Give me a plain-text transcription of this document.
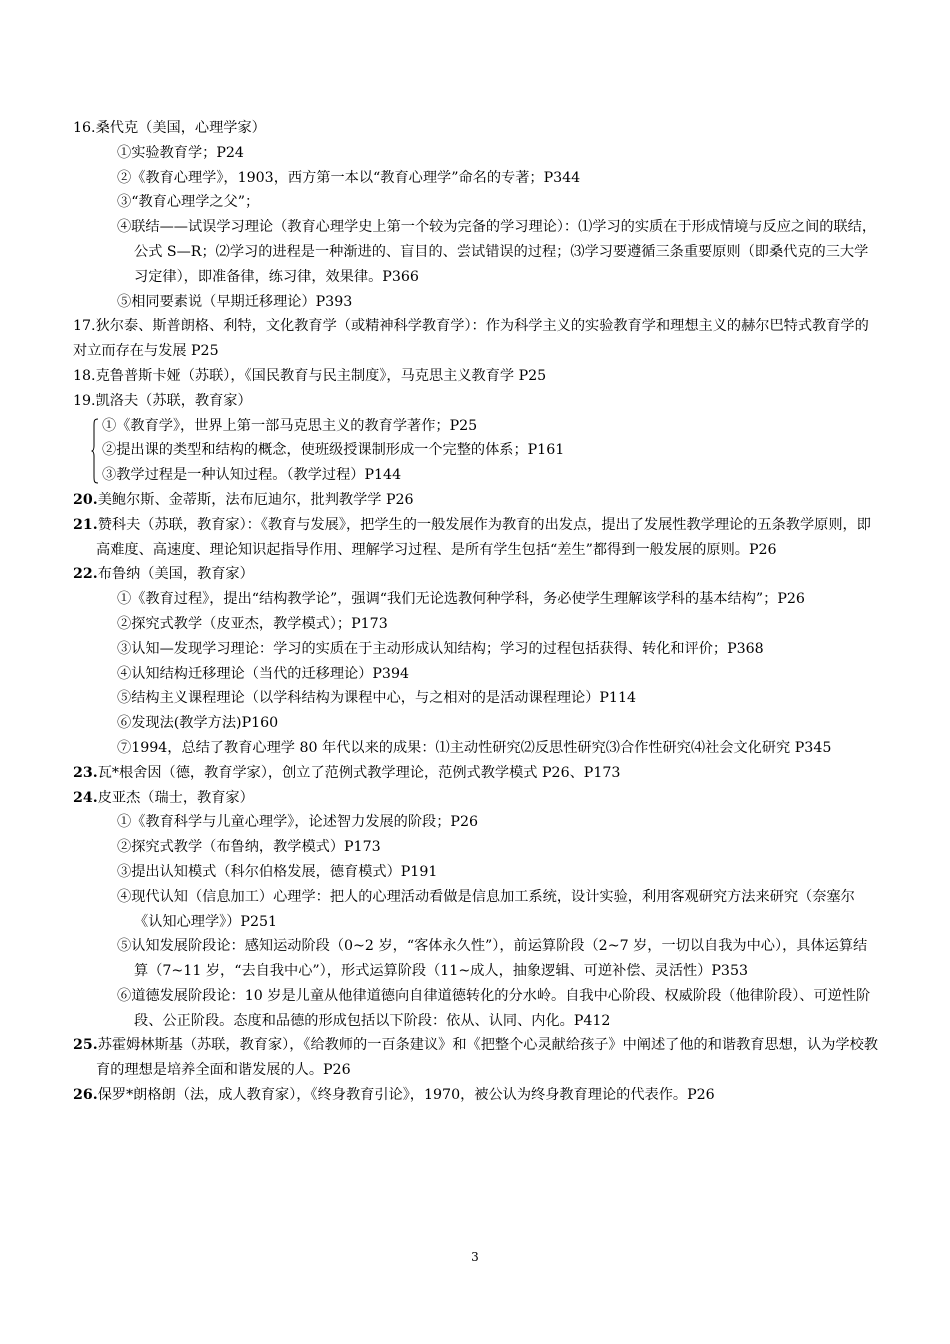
16.桑代克（美国，心理学家）

①实验教育学；P24

②《教育心理学》，1903，西方第一本以“教育心理学”命名的专著；P344

③“教育心理学之父”；

④联结——试误学习理论（教育心理学史上第一个较为完备的学习理论）：⑴学习的实质在于形成情境与反应之间的联结，公式 S—R；⑵学习的进程是一种渐进的、盲目的、尝试错误的过程；⑶学习要遵循三条重要原则（即桑代克的三大学习定律），即准备律，练习律，效果律。P366

⑤相同要素说（早期迁移理论）P393

17.狄尔泰、斯普朗格、利特，文化教育学（或精神科学教育学）：作为科学主义的实验教育学和理想主义的赫尔巴特式教育学的对立而存在与发展 P25
18.克鲁普斯卡娅（苏联），《国民教育与民主制度》，马克思主义教育学 P25
19.凯洛夫（苏联，教育家）

①《教育学》，世界上第一部马克思主义的教育学著作；P25

②提出课的类型和结构的概念，使班级授课制形成一个完整的体系；P161

③教学过程是一种认知过程。（教学过程）P144

20.美鲍尔斯、金蒂斯，法布厄迪尔，批判教学学 P26
21.赞科夫（苏联，教育家）：《教育与发展》，把学生的一般发展作为教育的出发点，提出了发展性教学理论的五条教学原则，即高难度、高速度、理论知识起指导作用、理解学习过程、是所有学生包括“差生”都得到一般发展的原则。P26
22.布鲁纳（美国，教育家）

①《教育过程》，提出“结构教学论”，强调“我们无论选教何种学科，务必使学生理解该学科的基本结构”；P26

②探究式教学（皮亚杰，教学模式）；P173

③认知—发现学习理论：学习的实质在于主动形成认知结构；学习的过程包括获得、转化和评价；P368

④认知结构迁移理论（当代的迁移理论）P394

⑤结构主义课程理论（以学科结构为课程中心，与之相对的是活动课程理论）P114

⑥发现法(教学方法)P160

⑦1994，总结了教育心理学 80 年代以来的成果：⑴主动性研究⑵反思性研究⑶合作性研究⑷社会文化研究 P345

23.瓦*根舍因（德，教育学家），创立了范例式教学理论，范例式教学模式 P26、P173
24.皮亚杰（瑞士，教育家）

①《教育科学与儿童心理学》，论述智力发展的阶段；P26

②探究式教学（布鲁纳，教学模式）P173

③提出认知模式（科尔伯格发展，德育模式）P191

④现代认知（信息加工）心理学：把人的心理活动看做是信息加工系统，设计实验，利用客观研究方法来研究（奈塞尔《认知心理学》）P251

⑤认知发展阶段论：感知运动阶段（0~2 岁，“客体永久性”），前运算阶段（2~7 岁，一切以自我为中心），具体运算结算（7~11 岁，“去自我中心”），形式运算阶段（11~成人，抽象逻辑、可逆补偿、灵活性）P353

⑥道德发展阶段论：10 岁是儿童从他律道德向自律道德转化的分水岭。自我中心阶段、权威阶段（他律阶段）、可逆性阶段、公正阶段。态度和品德的形成包括以下阶段：依从、认同、内化。P412

25.苏霍姆林斯基（苏联，教育家），《给教师的一百条建议》和《把整个心灵献给孩子》中阐述了他的和谐教育思想，认为学校教育的理想是培养全面和谐发展的人。P26
26.保罗*朗格朗（法，成人教育家），《终身教育引论》，1970，被公认为终身教育理论的代表作。P26
3
